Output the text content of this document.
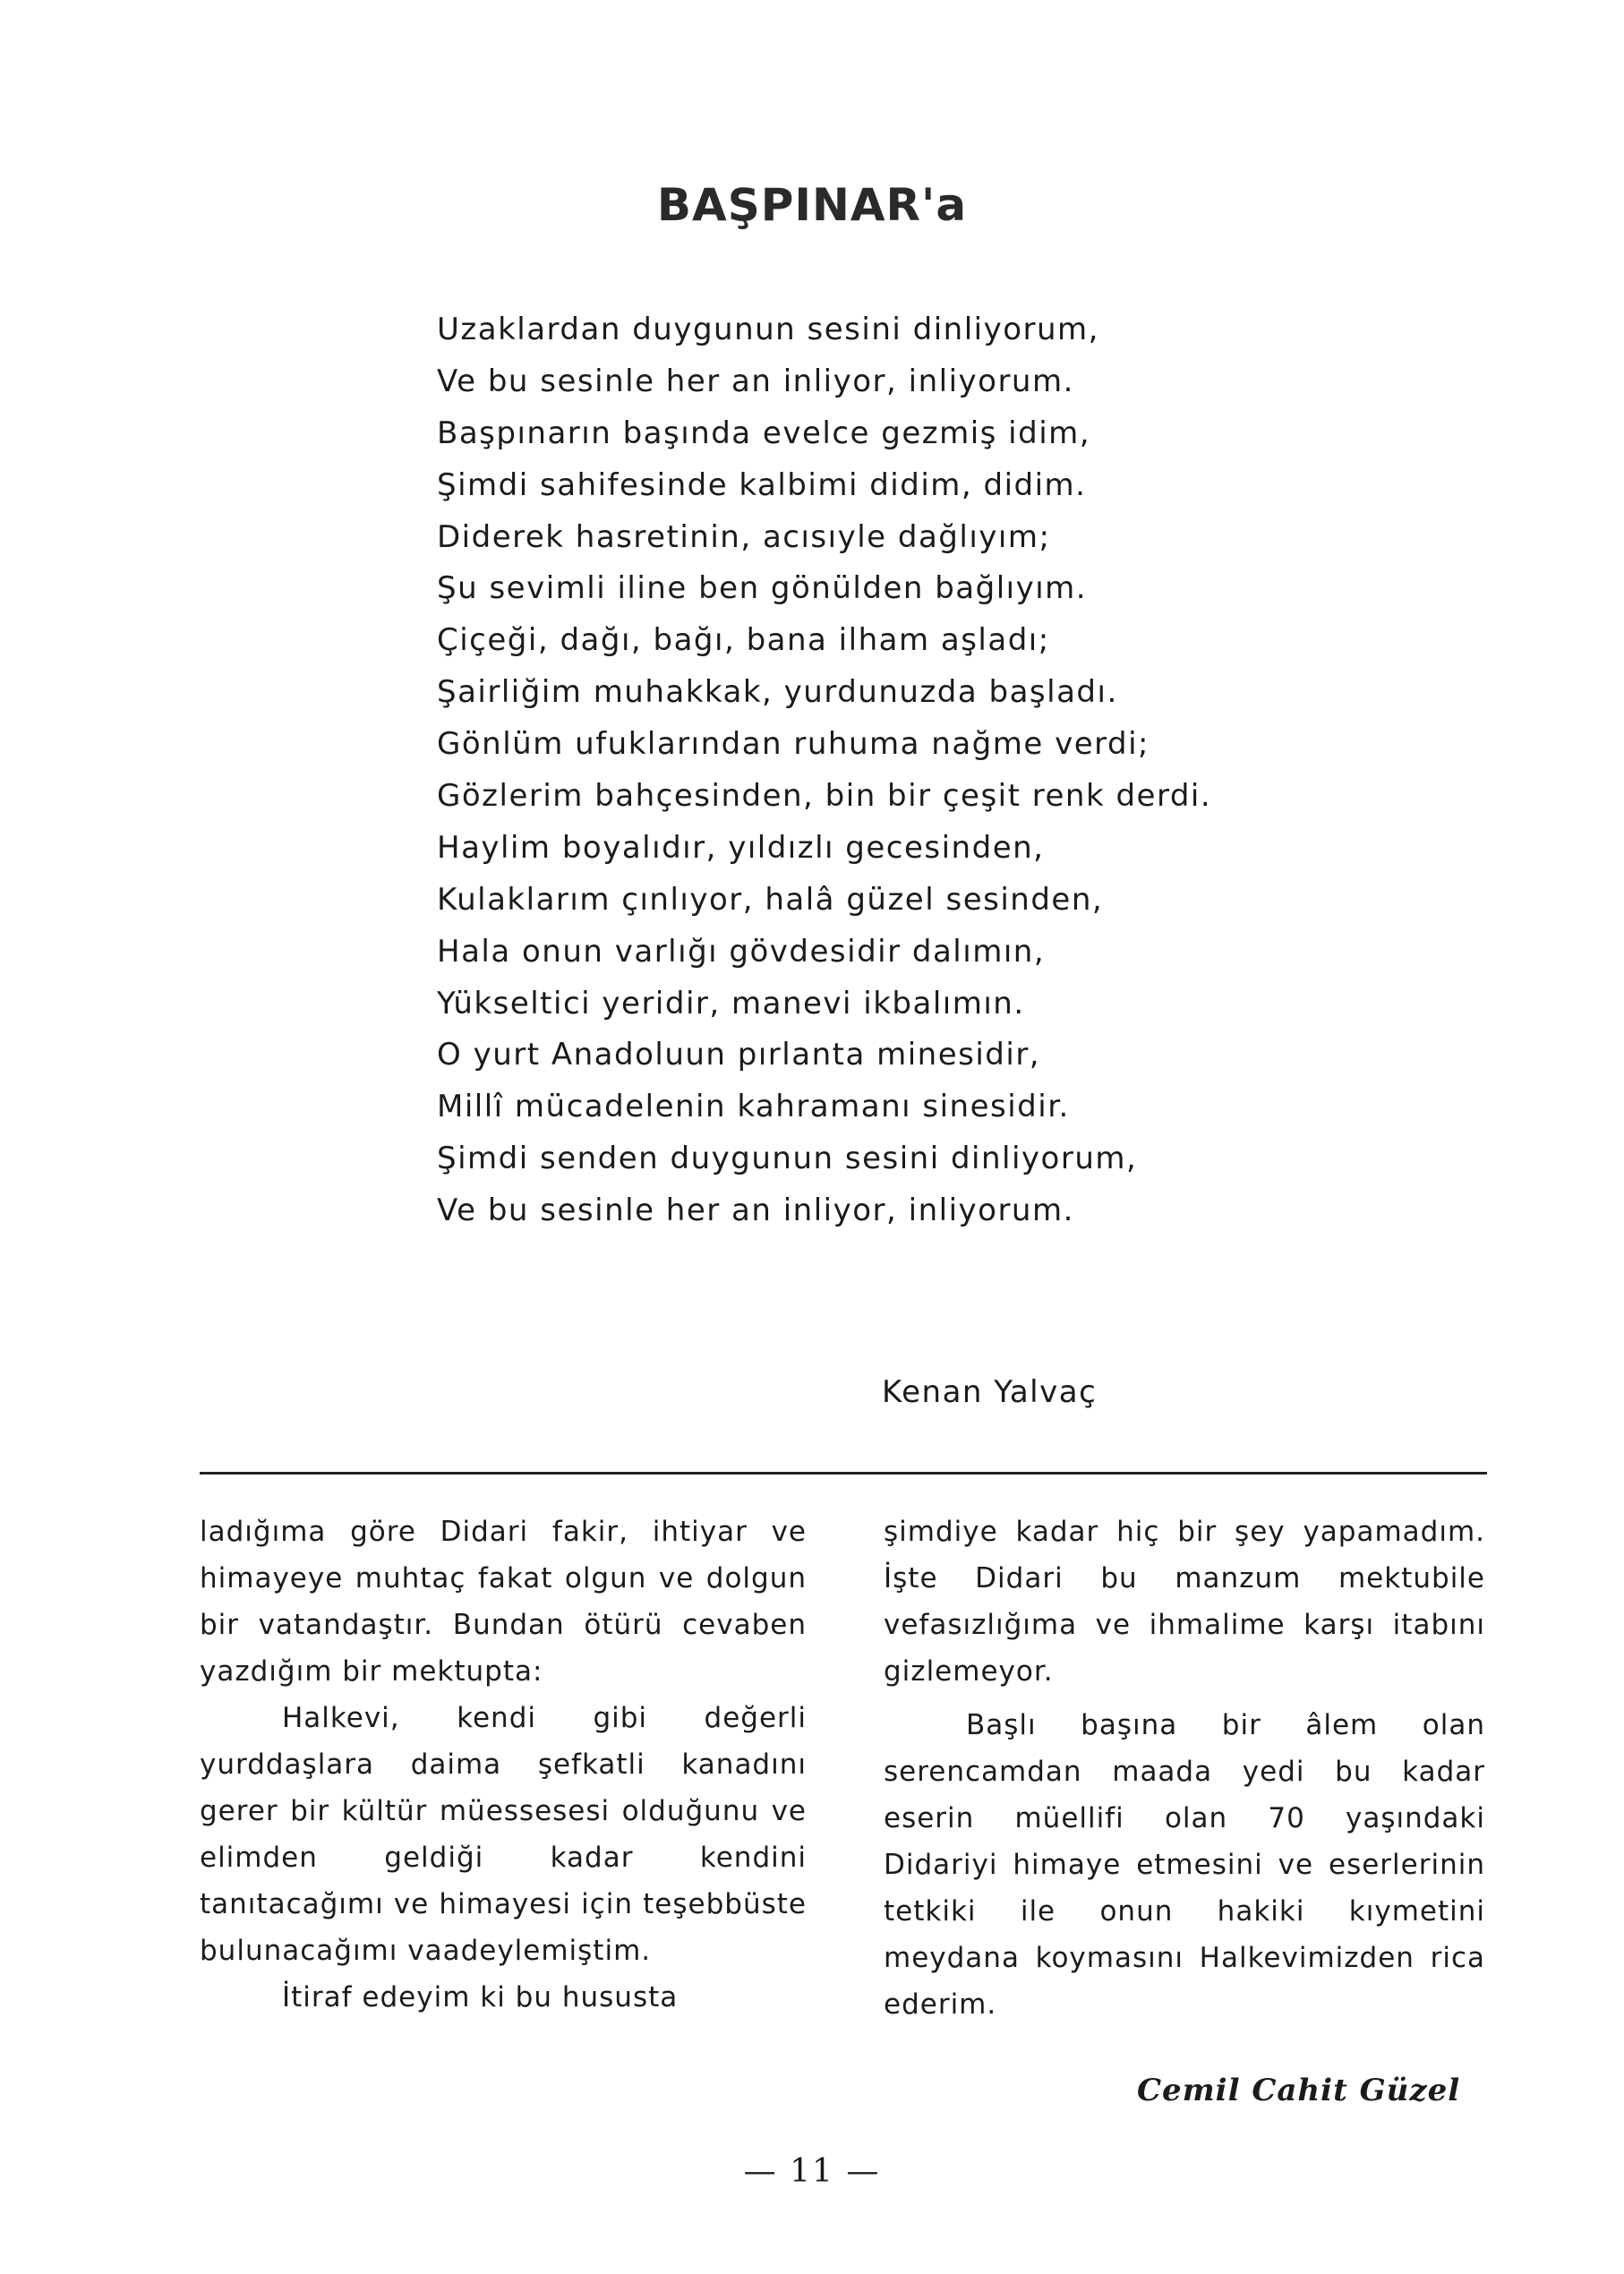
BAŞPINAR'a
Uzaklardan duygunun sesini dinliyorum,
Ve bu sesinle her an inliyor, inliyorum.
Başpınarın başında evelce gezmiş idim,
Şimdi sahifesinde kalbimi didim, didim.
Diderek hasretinin, acısıyle dağlıyım;
Şu sevimli iline ben gönülden bağlıyım.
Çiçeği, dağı, bağı, bana ilham aşladı;
Şairliğim muhakkak, yurdunuzda başladı.
Gönlüm ufuklarından ruhuma nağme verdi;
Gözlerim bahçesinden, bin bir çeşit renk derdi.
Haylim boyalıdır, yıldızlı gecesinden,
Kulaklarım çınlıyor, halâ güzel sesinden,
Hala onun varlığı gövdesidir dalımın,
Yükseltici yeridir, manevi ikbalımın.
O yurt Anadoluun pırlanta minesidir,
Millî mücadelenin kahramanı sinesidir.
Şimdi senden duygunun sesini dinliyorum,
Ve bu sesinle her an inliyor, inliyorum.
Kenan Yalvaç

ladığıma göre Didari fakir, ihtiyar ve himayeye muhtaç fakat olgun ve dolgun bir vatandaştır. Bundan ötürü cevaben yazdığım bir mektupta:

Halkevi, kendi gibi değerli yurddaşlara daima şefkatli kanadını gerer bir kültür müessesesi olduğunu ve elimden geldiği kadar kendini tanıtacağımı ve himayesi için teşebbüste bulunacağımı vaadeylemiştim.

İtiraf edeyim ki bu hususta

şimdiye kadar hiç bir şey yapamadım. İşte Didari bu manzum mektubile vefasızlığıma ve ihmalime karşı itabını gizlemeyor.

Başlı başına bir âlem olan serencamdan maada yedi bu kadar eserin müellifi olan 70 yaşındaki Didariyi himaye etmesini ve eserlerinin tetkiki ile onun hakiki kıymetini meydana koymasını Halkevimizden rica ederim.

Cemil Cahit Güzel
— 11 —
